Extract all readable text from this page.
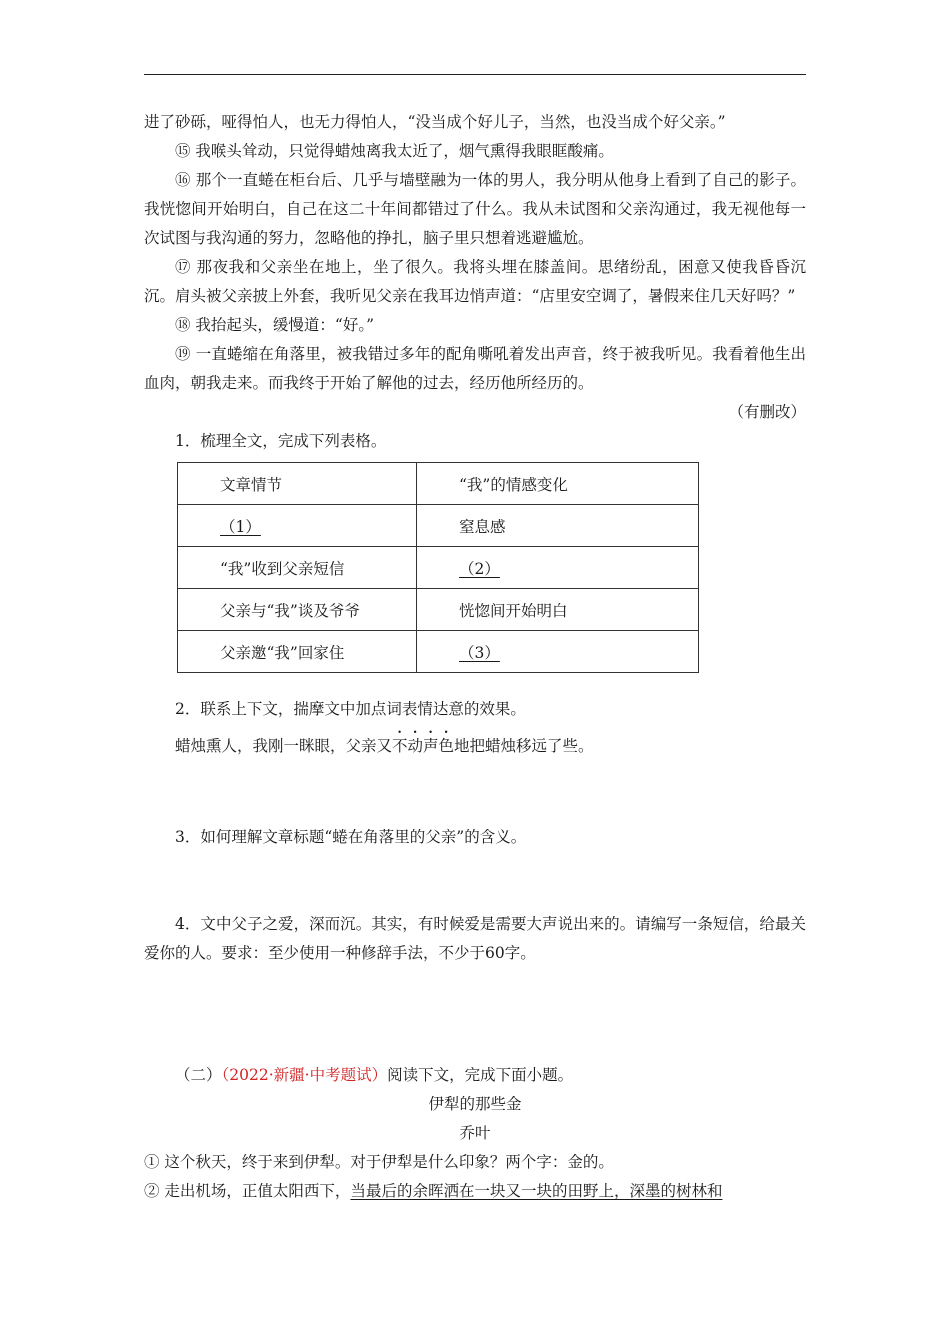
进了砂砾，哑得怕人，也无力得怕人，“没当成个好儿子，当然，也没当成个好父亲。”

⑮ 我喉头耸动，只觉得蜡烛离我太近了，烟气熏得我眼眶酸痛。

⑯ 那个一直蜷在柜台后、几乎与墙壁融为一体的男人，我分明从他身上看到了自己的影子。我恍惚间开始明白，自己在这二十年间都错过了什么。我从未试图和父亲沟通过，我无视他每一次试图与我沟通的努力，忽略他的挣扎，脑子里只想着逃避尴尬。

⑰ 那夜我和父亲坐在地上，坐了很久。我将头埋在膝盖间。思绪纷乱，困意又使我昏昏沉沉。肩头被父亲披上外套，我听见父亲在我耳边悄声道：“店里安空调了，暑假来住几天好吗？”

⑱ 我抬起头，缓慢道：“好。”

⑲ 一直蜷缩在角落里，被我错过多年的配角嘶吼着发出声音，终于被我听见。我看着他生出血肉，朝我走来。而我终于开始了解他的过去，经历他所经历的。

（有删改）

1．梳理全文，完成下列表格。

文章情节	“我”的情感变化
（1）	窒息感
“我”收到父亲短信	（2）
父亲与“我”谈及爷爷	恍惚间开始明白
父亲邀“我”回家住	（3）

2．联系上下文，揣摩文中加点词表情达意的效果。

蜡烛熏人，我刚一眯眼，父亲又不动声色地把蜡烛移远了些。

3．如何理解文章标题“蜷在角落里的父亲”的含义。

4．文中父子之爱，深而沉。其实，有时候爱是需要大声说出来的。请编写一条短信，给最关爱你的人。要求：至少使用一种修辞手法，不少于60字。

（二）（2022·新疆·中考题试）阅读下文，完成下面小题。

伊犁的那些金

乔叶

① 这个秋天，终于来到伊犁。对于伊犁是什么印象？两个字：金的。

② 走出机场，正值太阳西下，当最后的余晖洒在一块又一块的田野上，深墨的树林和
